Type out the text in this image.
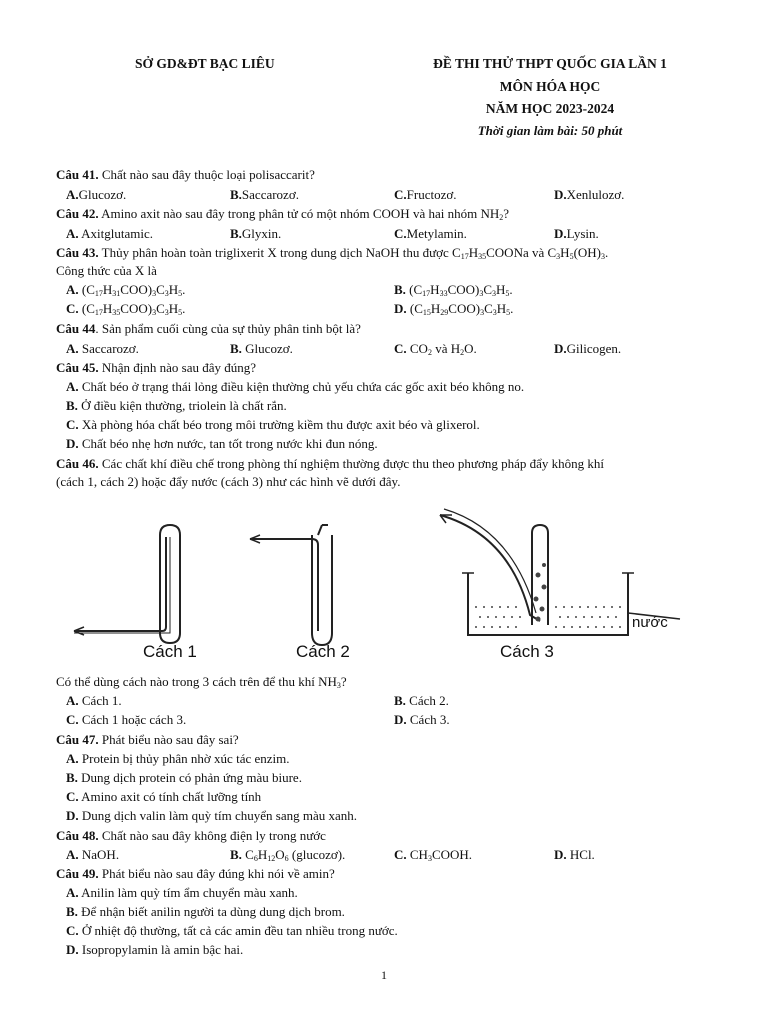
SỞ GD&ĐT BẠC LIÊU	ĐỀ THI THỬ THPT QUỐC GIA LẦN 1
MÔN HÓA HỌC
NĂM HỌC 2023-2024
Thời gian làm bài: 50 phút
Câu 41. Chất nào sau đây thuộc loại polisaccarit?
A.Glucozơ.	B.Saccarozơ.	C.Fructozơ.	D.Xenlulozơ.
Câu 42. Amino axit nào sau đây trong phân tử có một nhóm COOH và hai nhóm $NH_2$?
A. Axitglutamic.	B.Glyxin.	C.Metylamin.	D.Lysin.
Câu 43. Thủy phân hoàn toàn triglixerit X trong dung dịch NaOH thu được $C_{17}H_{35}COONa$ và $C_3H_5(OH)_3$.
Công thức của X là
A. $(C_{17}H_{31}COO)_3C_3H_5$.	B. $(C_{17}H_{33}COO)_3C_3H_5$.
C. $(C_{17}H_{35}COO)_3C_3H_5$.	D. $(C_{15}H_{29}COO)_3C_3H_5$.
Câu 44. Sản phẩm cuối cùng của sự thủy phân tinh bột là?
A. Saccarozơ.	B. Glucozơ.	C. $CO_2$ và $H_2O$.	D.Gilicogen.
Câu 45. Nhận định nào sau đây đúng?
A. Chất béo ở trạng thái lỏng điều kiện thường chủ yếu chứa các gốc axit béo không no.
B. Ở điều kiện thường, triolein là chất rắn.
C. Xà phòng hóa chất béo trong môi trường kiềm thu được axit béo và glixerol.
D. Chất béo nhẹ hơn nước, tan tốt trong nước khi đun nóng.
Câu 46. Các chất khí điều chế trong phòng thí nghiệm thường được thu theo phương pháp đẩy không khí
(cách 1, cách 2) hoặc đẩy nước (cách 3) như các hình vẽ dưới đây.
Cách 1	Cách 2	Cách 3
nước
Có thể dùng cách nào trong 3 cách trên để thu khí $NH_3$?
A. Cách 1.	B. Cách 2.
C. Cách 1 hoặc cách 3.	D. Cách 3.
Câu 47. Phát biểu nào sau đây sai?
A. Protein bị thủy phân nhờ xúc tác enzim.
B. Dung dịch protein có phản ứng màu biure.
C. Amino axit có tính chất lưỡng tính
D. Dung dịch valin làm quỳ tím chuyển sang màu xanh.
Câu 48. Chất nào sau đây không điện ly trong nước
A. NaOH.	B. $C_6H_{12}O_6$ (glucozơ).	C. $CH_3COOH$.	D. HCl.
Câu 49. Phát biểu nào sau đây đúng khi nói về amin?
A. Anilin làm quỳ tím ẩm chuyển màu xanh.
B. Để nhận biết anilin người ta dùng dung dịch brom.
C. Ở nhiệt độ thường, tất cả các amin đều tan nhiều trong nước.
D. Isopropylamin là amin bậc hai.
1
